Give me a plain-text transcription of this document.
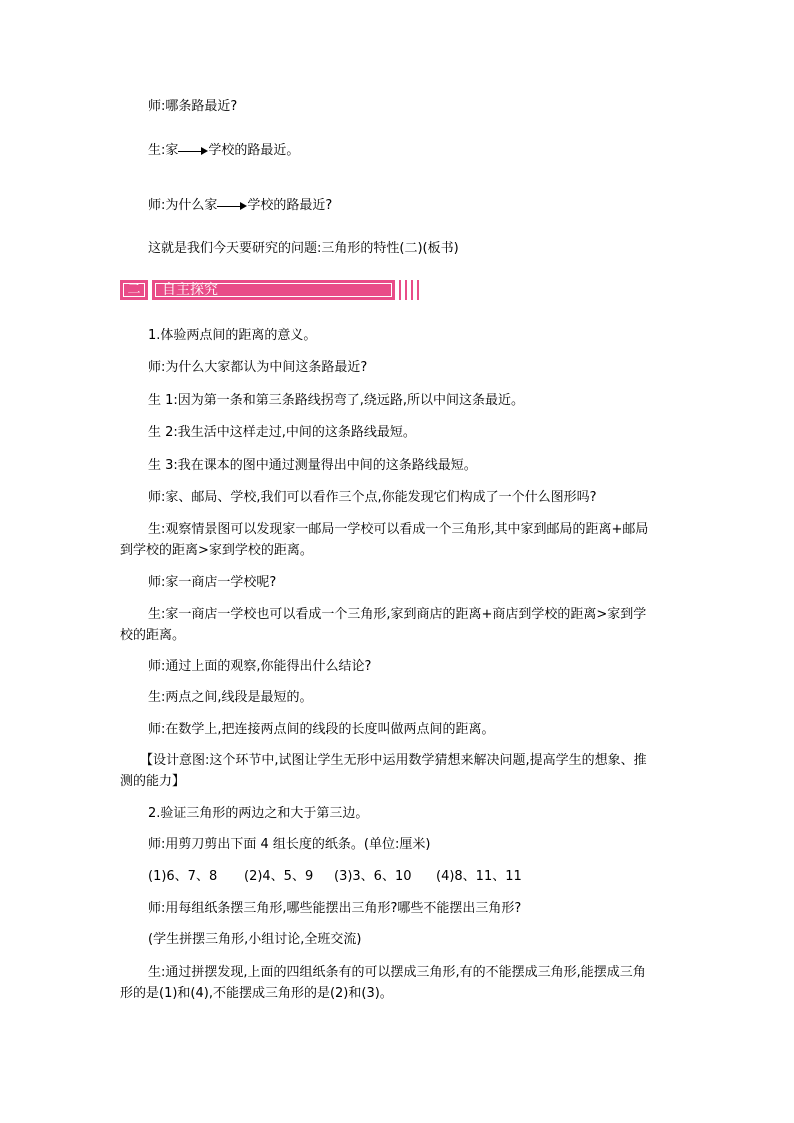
师:哪条路最近?
生:家 学校的路最近。
师:为什么家 学校的路最近?
这就是我们今天要研究的问题:三角形的特性(二)(板书)
二	自主探究
1.体验两点间的距离的意义。
师:为什么大家都认为中间这条路最近?
生 1:因为第一条和第三条路线拐弯了,绕远路,所以中间这条最近。
生 2:我生活中这样走过,中间的这条路线最短。
生 3:我在课本的图中通过测量得出中间的这条路线最短。
师:家、邮局、学校,我们可以看作三个点,你能发现它们构成了一个什么图形吗?
生:观察情景图可以发现家一邮局一学校可以看成一个三角形,其中家到邮局的距离+邮局到学校的距离>家到学校的距离。
师:家一商店一学校呢?
生:家一商店一学校也可以看成一个三角形,家到商店的距离+商店到学校的距离>家到学校的距离。
师:通过上面的观察,你能得出什么结论?
生:两点之间,线段是最短的。
师:在数学上,把连接两点间的线段的长度叫做两点间的距离。
【设计意图:这个环节中,试图让学生无形中运用数学猜想来解决问题,提高学生的想象、推测的能力】
2.验证三角形的两边之和大于第三边。
师:用剪刀剪出下面 4 组长度的纸条。(单位:厘米)
(1)6、7、8 (2)4、5、9 (3)3、6、10 (4)8、11、11
师:用每组纸条摆三角形,哪些能摆出三角形?哪些不能摆出三角形?
(学生拼摆三角形,小组讨论,全班交流)
生:通过拼摆发现,上面的四组纸条有的可以摆成三角形,有的不能摆成三角形,能摆成三角形的是(1)和(4),不能摆成三角形的是(2)和(3)。
